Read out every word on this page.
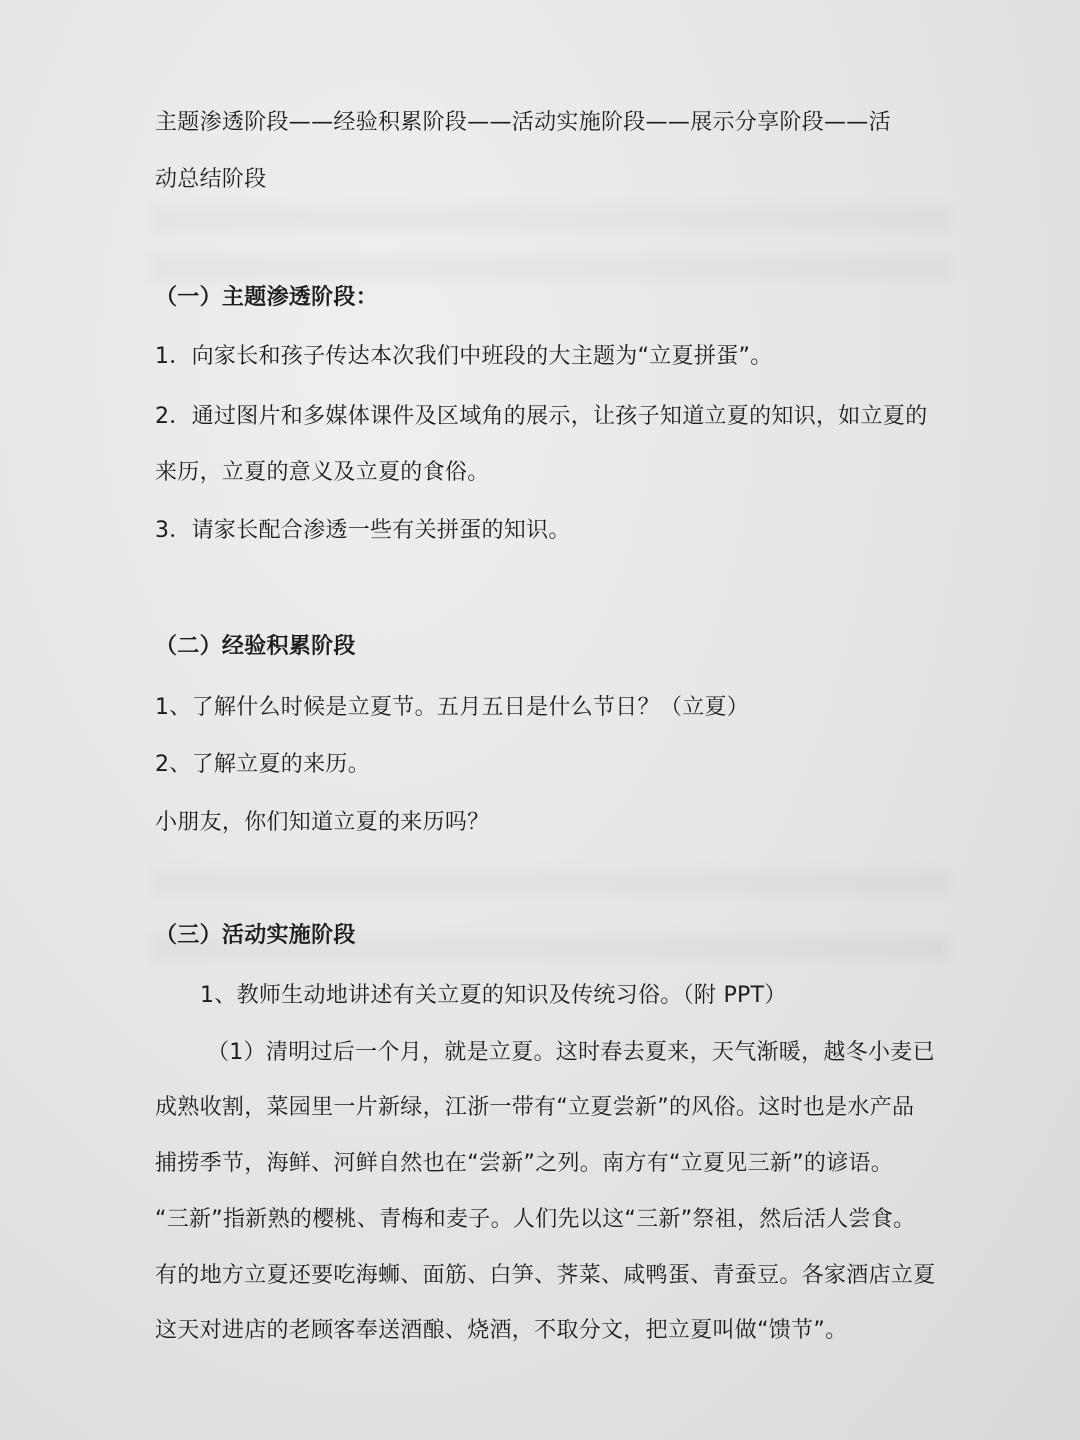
主题渗透阶段——经验积累阶段——活动实施阶段——展示分享阶段——活
动总结阶段
（一）主题渗透阶段：
1．向家长和孩子传达本次我们中班段的大主题为“立夏拼蛋”。
2．通过图片和多媒体课件及区域角的展示，让孩子知道立夏的知识，如立夏的
来历，立夏的意义及立夏的食俗。
3．请家长配合渗透一些有关拼蛋的知识。
（二）经验积累阶段
1、了解什么时候是立夏节。五月五日是什么节日？（立夏）
2、了解立夏的来历。
小朋友，你们知道立夏的来历吗？
（三）活动实施阶段
1、教师生动地讲述有关立夏的知识及传统习俗。（附 PPT）
（1）清明过后一个月，就是立夏。这时春去夏来，天气渐暖，越冬小麦已
成熟收割，菜园里一片新绿，江浙一带有“立夏尝新”的风俗。这时也是水产品
捕捞季节，海鲜、河鲜自然也在“尝新”之列。南方有“立夏见三新”的谚语。
“三新”指新熟的樱桃、青梅和麦子。人们先以这“三新”祭祖，然后活人尝食。
有的地方立夏还要吃海蛳、面筋、白笋、荠菜、咸鸭蛋、青蚕豆。各家酒店立夏
这天对进店的老顾客奉送酒酿、烧酒，不取分文，把立夏叫做“馈节”。
